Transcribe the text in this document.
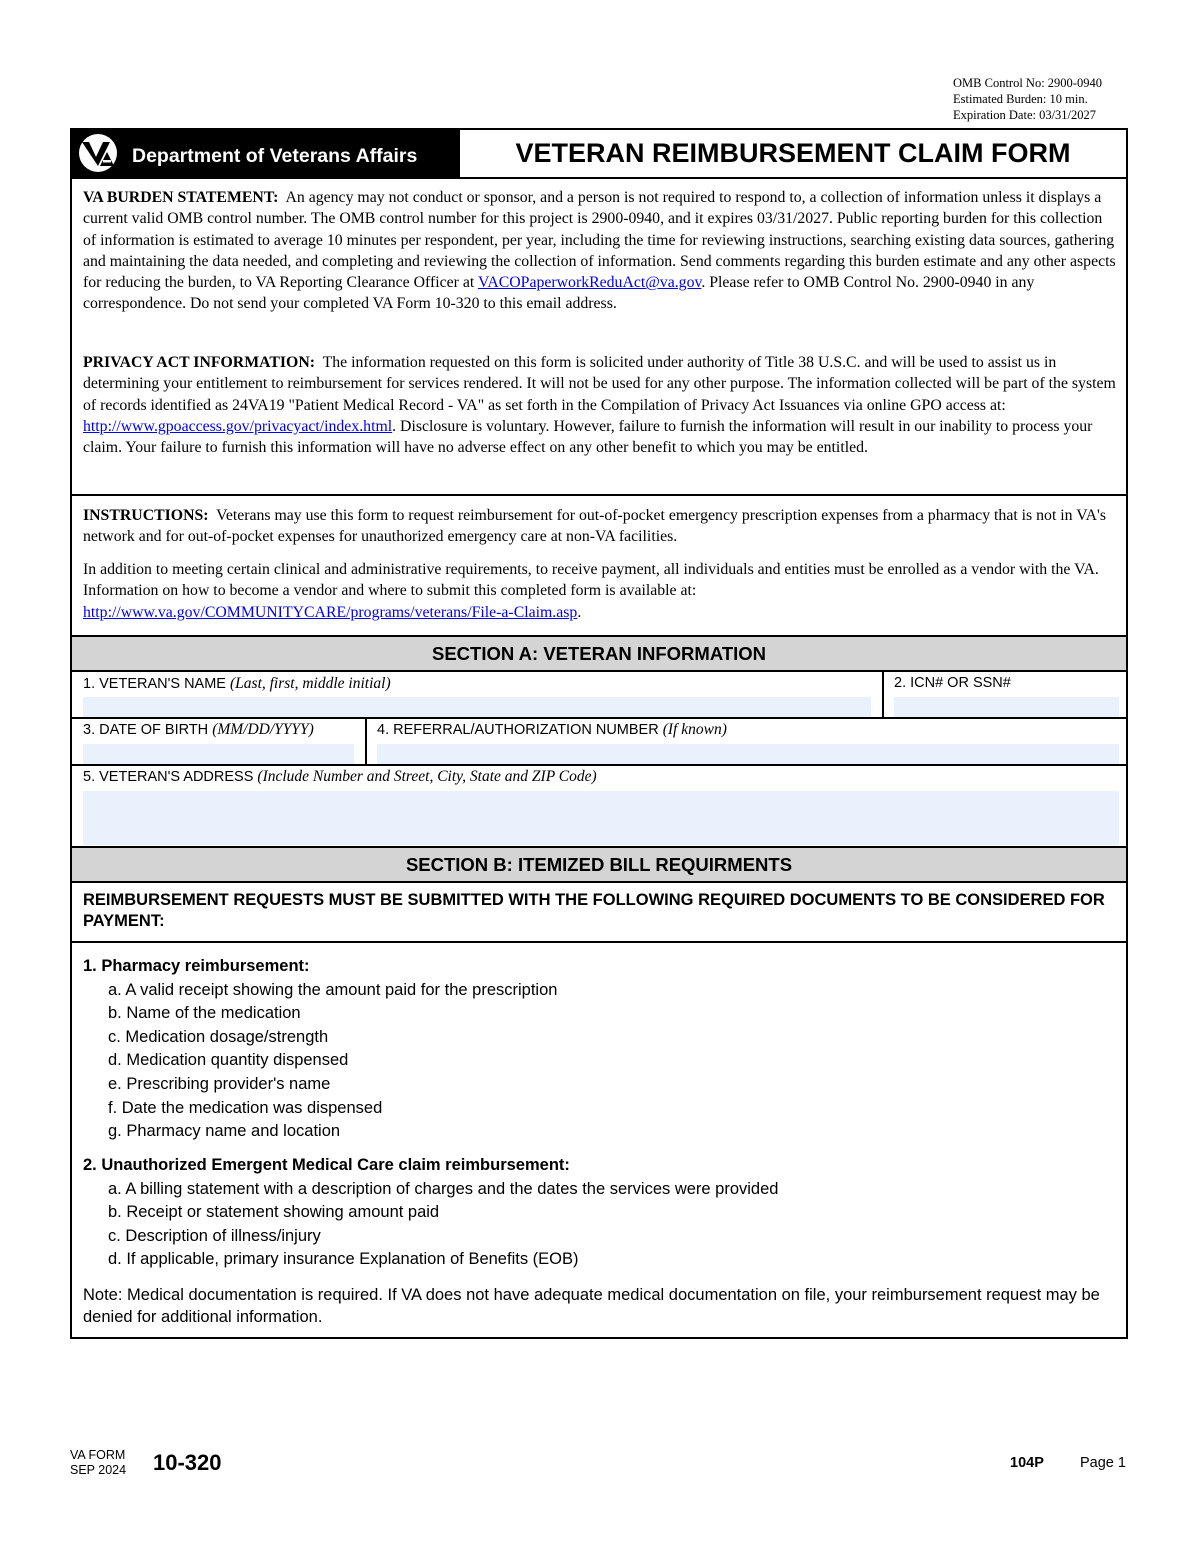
OMB Control No: 2900-0940
Estimated Burden: 10 min.
Expiration Date: 03/31/2027
Department of Veterans Affairs	VETERAN REIMBURSEMENT CLAIM FORM

VA BURDEN STATEMENT: An agency may not conduct or sponsor, and a person is not required to respond to, a collection of information unless it displays a current valid OMB control number. The OMB control number for this project is 2900-0940, and it expires 03/31/2027. Public reporting burden for this collection of information is estimated to average 10 minutes per respondent, per year, including the time for reviewing instructions, searching existing data sources, gathering and maintaining the data needed, and completing and reviewing the collection of information. Send comments regarding this burden estimate and any other aspects for reducing the burden, to VA Reporting Clearance Officer at VACOPaperworkReduAct@va.gov. Please refer to OMB Control No. 2900-0940 in any correspondence. Do not send your completed VA Form 10-320 to this email address.

PRIVACY ACT INFORMATION: The information requested on this form is solicited under authority of Title 38 U.S.C. and will be used to assist us in determining your entitlement to reimbursement for services rendered. It will not be used for any other purpose. The information collected will be part of the system of records identified as 24VA19 "Patient Medical Record - VA" as set forth in the Compilation of Privacy Act Issuances via online GPO access at: http://www.gpoaccess.gov/privacyact/index.html. Disclosure is voluntary. However, failure to furnish the information will result in our inability to process your claim. Your failure to furnish this information will have no adverse effect on any other benefit to which you may be entitled.

INSTRUCTIONS: Veterans may use this form to request reimbursement for out-of-pocket emergency prescription expenses from a pharmacy that is not in VA's network and for out-of-pocket expenses for unauthorized emergency care at non-VA facilities.

In addition to meeting certain clinical and administrative requirements, to receive payment, all individuals and entities must be enrolled as a vendor with the VA. Information on how to become a vendor and where to submit this completed form is available at:
http://www.va.gov/COMMUNITYCARE/programs/veterans/File-a-Claim.asp.

SECTION A: VETERAN INFORMATION
1. VETERAN'S NAME (Last, first, middle initial)	2. ICN# OR SSN#
3. DATE OF BIRTH (MM/DD/YYYY)	4. REFERRAL/AUTHORIZATION NUMBER (If known)
5. VETERAN'S ADDRESS (Include Number and Street, City, State and ZIP Code)
SECTION B: ITEMIZED BILL REQUIRMENTS
REIMBURSEMENT REQUESTS MUST BE SUBMITTED WITH THE FOLLOWING REQUIRED DOCUMENTS TO BE CONSIDERED FOR PAYMENT:
1. Pharmacy reimbursement:
a. A valid receipt showing the amount paid for the prescription
b. Name of the medication
c. Medication dosage/strength
d. Medication quantity dispensed
e. Prescribing provider's name
f. Date the medication was dispensed
g. Pharmacy name and location
2. Unauthorized Emergent Medical Care claim reimbursement:
a. A billing statement with a description of charges and the dates the services were provided
b. Receipt or statement showing amount paid
c. Description of illness/injury
d. If applicable, primary insurance Explanation of Benefits (EOB)
Note: Medical documentation is required. If VA does not have adequate medical documentation on file, your reimbursement request may be denied for additional information.
VA FORM
SEP 2024 10-320	104P Page 1
